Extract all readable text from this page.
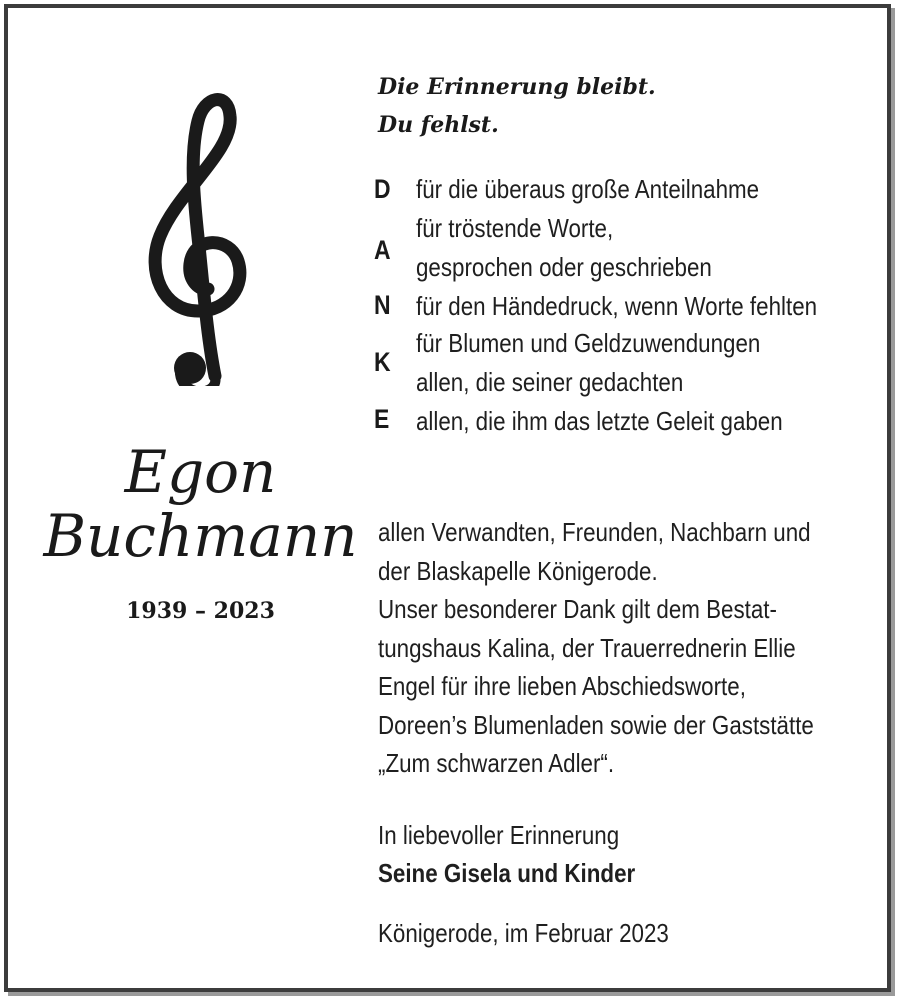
Die Erinnerung bleibt.
Du fehlst.
D
A
N
K
E
für die überaus große Anteilnahme
für tröstende Worte,
gesprochen oder geschrieben
für den Händedruck, wenn Worte fehlten
für Blumen und Geldzuwendungen
allen, die seiner gedachten
allen, die ihm das letzte Geleit gaben
Egon
Buchmann
1939 – 2023
allen Verwandten, Freunden, Nachbarn und
der Blaskapelle Königerode.
Unser besonderer Dank gilt dem Bestat-
tungshaus Kalina, der Trauerrednerin Ellie
Engel für ihre lieben Abschiedsworte,
Doreen’s Blumenladen sowie der Gaststätte
„Zum schwarzen Adler“.
In liebevoller Erinnerung
Seine Gisela und Kinder
Königerode, im Februar 2023
